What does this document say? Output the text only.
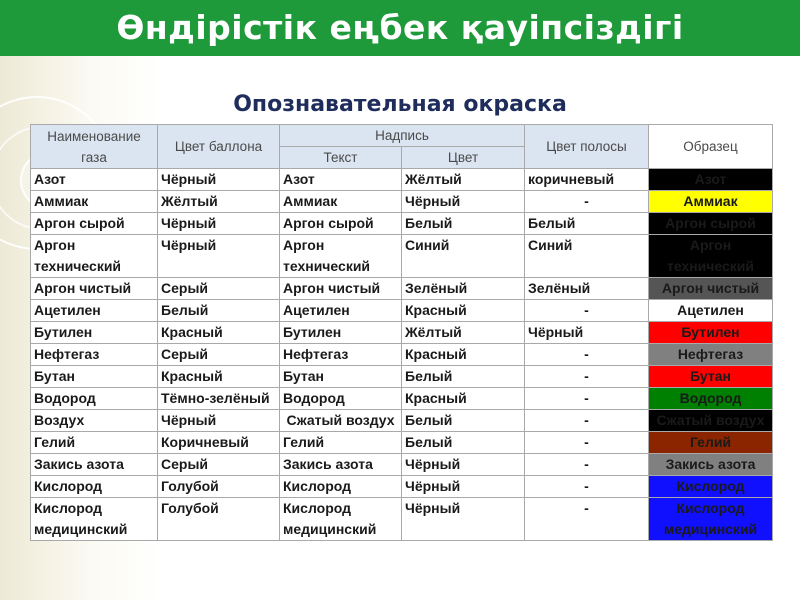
Өндірістік еңбек қауіпсіздігі
Опознавательная окраска
Наименование газа	Цвет баллона	Надпись		Цвет полосы	Образец
		Текст	Цвет		
Азот	Чёрный	Азот	Жёлтый	коричневый	Азот
Аммиак	Жёлтый	Аммиак	Чёрный	-	Аммиак
Аргон сырой	Чёрный	Аргон сырой	Белый	Белый	Аргон сырой
Аргон технический	Чёрный	Аргон технический	Синий	Синий	Аргон технический
Аргон чистый	Серый	Аргон чистый	Зелёный	Зелёный	Аргон чистый
Ацетилен	Белый	Ацетилен	Красный	-	Ацетилен
Бутилен	Красный	Бутилен	Жёлтый	Чёрный	Бутилен
Нефтегаз	Серый	Нефтегаз	Красный	-	Нефтегаз
Бутан	Красный	Бутан	Белый	-	Бутан
Водород	Тёмно-зелёный	Водород	Красный	-	Водород
Воздух	Чёрный	Сжатый воздух	Белый	-	Сжатый воздух
Гелий	Коричневый	Гелий	Белый	-	Гелий
Закись азота	Серый	Закись азота	Чёрный	-	Закись азота
Кислород	Голубой	Кислород	Чёрный	-	Кислород
Кислород медицинский	Голубой	Кислород медицинский	Чёрный	-	Кислород медицинский
